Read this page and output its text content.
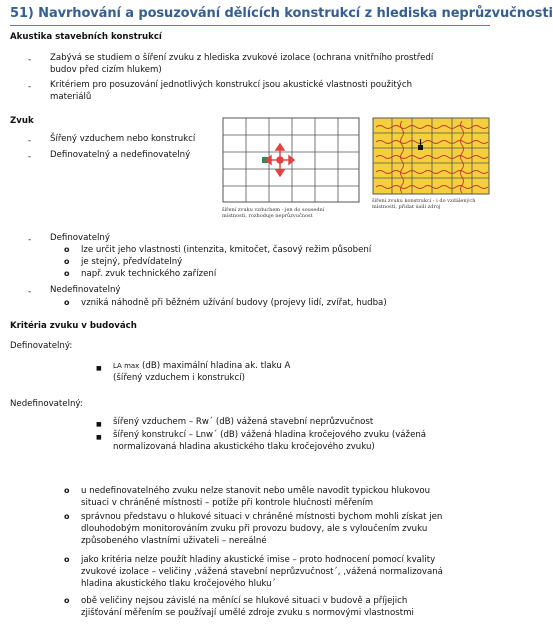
51) Navrhování a posuzování dělících konstrukcí z hlediska neprůzvučnosti
Akustika stavebních konstrukcí
- Zabývá se studiem o šíření zvuku z hlediska zvukové izolace (ochrana vnitřního prostředí
budov před cizím hlukem)
- Kritériem pro posuzování jednotlivých konstrukcí jsou akustické vlastnosti použitých
materiálů
Zvuk
- Šířený vzduchem nebo konstrukcí
- Definovatelný a nedefinovatelný
šíření zvuku vzduchem - jen do sousední
místnosti, rozhoduje neprůzvučnost
šíření zvuku konstrukcí - i do vzdálených
místností, přidat úsilí zdroj
- Definovatelný
o lze určit jeho vlastnosti (intenzita, kmitočet, časový režim působení
o je stejný, předvídatelný
o např. zvuk technického zařízení
- Nedefinovatelný
o vzniká náhodně při běžném užívání budovy (projevy lidí, zvířat, hudba)
Kritéria zvuku v budovách
Definovatelný:
■ LA max (dB) maximální hladina ak. tlaku A
(šířený vzduchem i konstrukcí)
Nedefinovatelný:
■ šířený vzduchem – Rw´ (dB) vážená stavební neprůzvučnost
■ šířený konstrukcí – Lnw´ (dB) vážená hladina kročejového zvuku (vážená
normalizovaná hladina akustického tlaku kročejového zvuku)
o u nedefinovatelného zvuku nelze stanovit nebo uměle navodit typickou hlukovou
situaci v chráněné místnosti – potíže při kontrole hlučnosti měřením
o správnou představu o hlukové situaci v chráněné místnosti bychom mohli získat jen
dlouhodobým monitorováním zvuku při provozu budovy, ale s vyloučením zvuku
způsobeného vlastními uživateli – nereálné
o jako kritéria nelze použít hladiny akustické imise – proto hodnocení pomocí kvality
zvukové izolace – veličiny ‚vážená stavební neprůzvučnost´, ‚vážená normalizovaná
hladina akustického tlaku kročejového hluku´
o obě veličiny nejsou závislé na měnící se hlukové situaci v budově a příjejich
zjišťování měřením se používají umělé zdroje zvuku s normovými vlastnostmi
